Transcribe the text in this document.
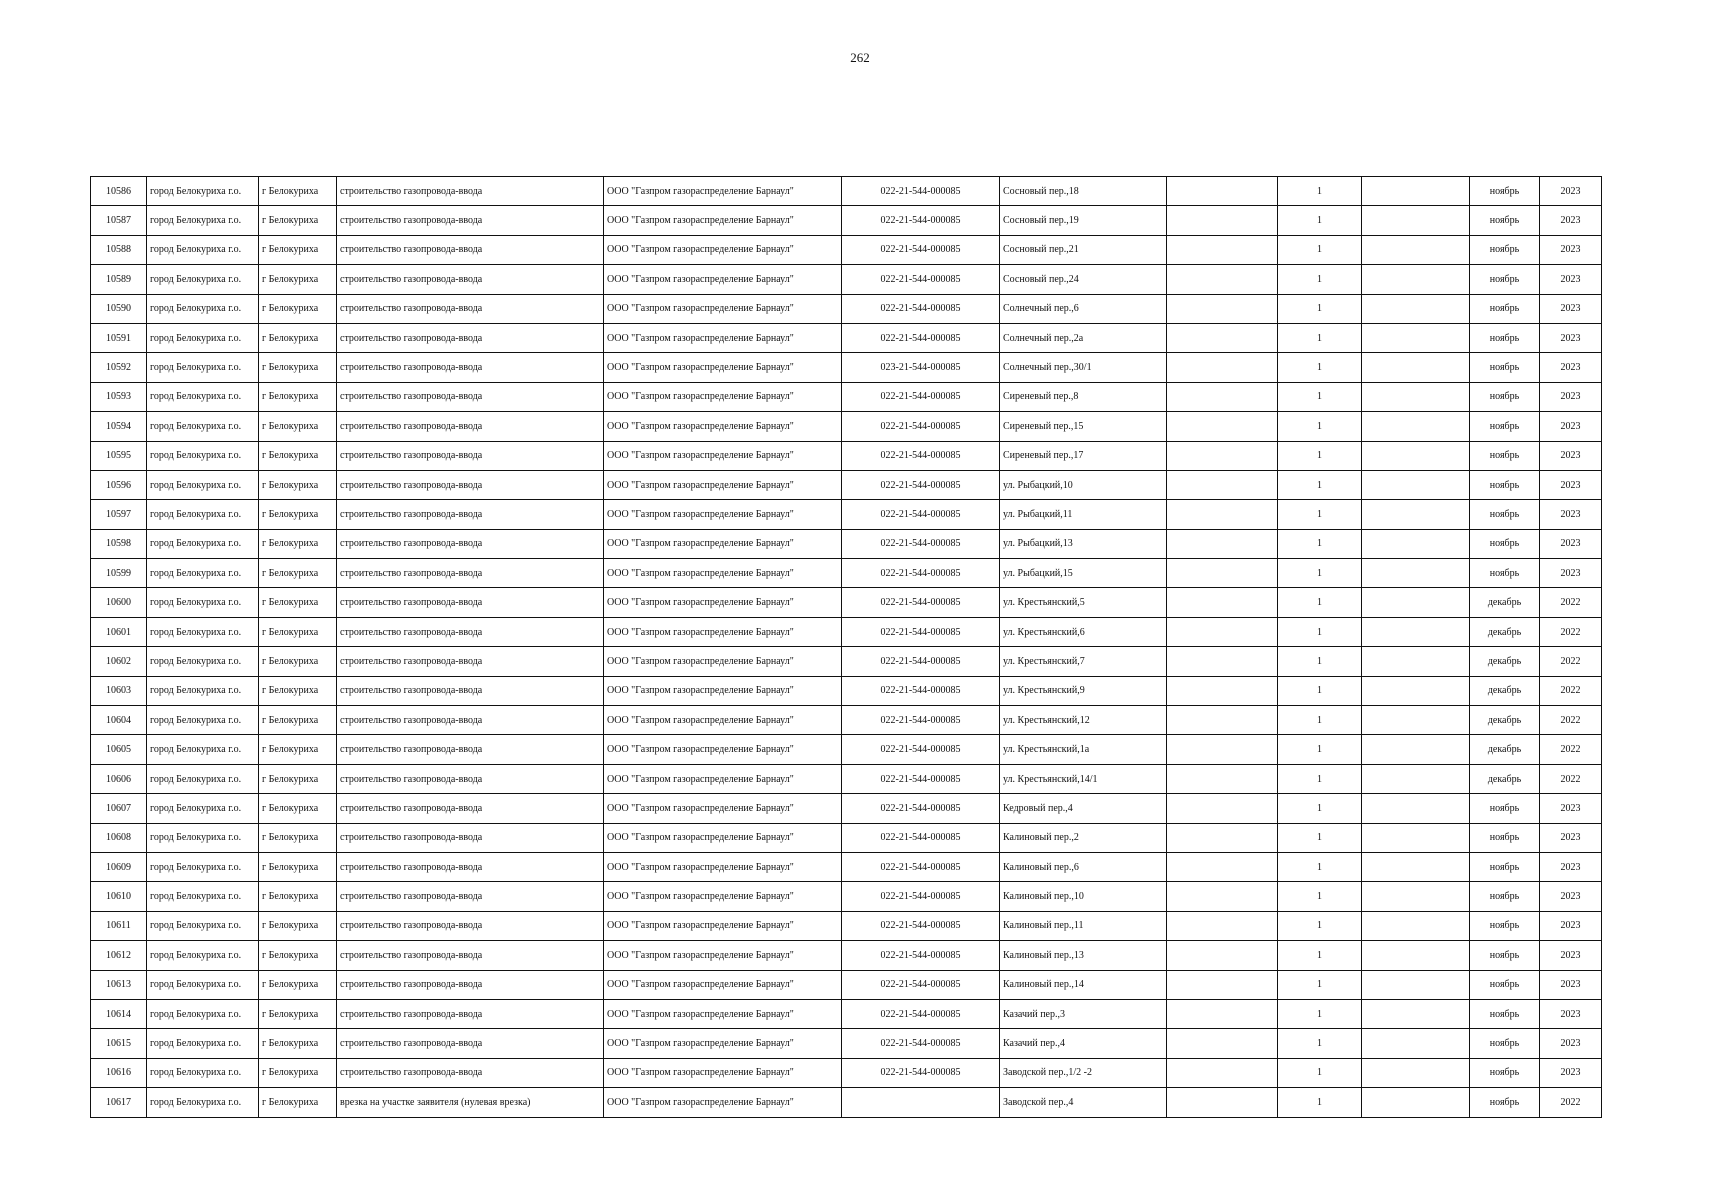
262
10586	город Белокуриха г.о.	г Белокуриха	строительство газопровода-ввода	ООО "Газпром газораспределение Барнаул"	022-21-544-000085	Сосновый пер.,18		1		ноябрь	2023
10587	город Белокуриха г.о.	г Белокуриха	строительство газопровода-ввода	ООО "Газпром газораспределение Барнаул"	022-21-544-000085	Сосновый пер.,19		1		ноябрь	2023
10588	город Белокуриха г.о.	г Белокуриха	строительство газопровода-ввода	ООО "Газпром газораспределение Барнаул"	022-21-544-000085	Сосновый пер.,21		1		ноябрь	2023
10589	город Белокуриха г.о.	г Белокуриха	строительство газопровода-ввода	ООО "Газпром газораспределение Барнаул"	022-21-544-000085	Сосновый пер.,24		1		ноябрь	2023
10590	город Белокуриха г.о.	г Белокуриха	строительство газопровода-ввода	ООО "Газпром газораспределение Барнаул"	022-21-544-000085	Солнечный пер.,6		1		ноябрь	2023
10591	город Белокуриха г.о.	г Белокуриха	строительство газопровода-ввода	ООО "Газпром газораспределение Барнаул"	022-21-544-000085	Солнечный пер.,2а		1		ноябрь	2023
10592	город Белокуриха г.о.	г Белокуриха	строительство газопровода-ввода	ООО "Газпром газораспределение Барнаул"	023-21-544-000085	Солнечный пер.,30/1		1		ноябрь	2023
10593	город Белокуриха г.о.	г Белокуриха	строительство газопровода-ввода	ООО "Газпром газораспределение Барнаул"	022-21-544-000085	Сиреневый пер.,8		1		ноябрь	2023
10594	город Белокуриха г.о.	г Белокуриха	строительство газопровода-ввода	ООО "Газпром газораспределение Барнаул"	022-21-544-000085	Сиреневый пер.,15		1		ноябрь	2023
10595	город Белокуриха г.о.	г Белокуриха	строительство газопровода-ввода	ООО "Газпром газораспределение Барнаул"	022-21-544-000085	Сиреневый пер.,17		1		ноябрь	2023
10596	город Белокуриха г.о.	г Белокуриха	строительство газопровода-ввода	ООО "Газпром газораспределение Барнаул"	022-21-544-000085	ул. Рыбацкий,10		1		ноябрь	2023
10597	город Белокуриха г.о.	г Белокуриха	строительство газопровода-ввода	ООО "Газпром газораспределение Барнаул"	022-21-544-000085	ул. Рыбацкий,11		1		ноябрь	2023
10598	город Белокуриха г.о.	г Белокуриха	строительство газопровода-ввода	ООО "Газпром газораспределение Барнаул"	022-21-544-000085	ул. Рыбацкий,13		1		ноябрь	2023
10599	город Белокуриха г.о.	г Белокуриха	строительство газопровода-ввода	ООО "Газпром газораспределение Барнаул"	022-21-544-000085	ул. Рыбацкий,15		1		ноябрь	2023
10600	город Белокуриха г.о.	г Белокуриха	строительство газопровода-ввода	ООО "Газпром газораспределение Барнаул"	022-21-544-000085	ул. Крестьянский,5		1		декабрь	2022
10601	город Белокуриха г.о.	г Белокуриха	строительство газопровода-ввода	ООО "Газпром газораспределение Барнаул"	022-21-544-000085	ул. Крестьянский,6		1		декабрь	2022
10602	город Белокуриха г.о.	г Белокуриха	строительство газопровода-ввода	ООО "Газпром газораспределение Барнаул"	022-21-544-000085	ул. Крестьянский,7		1		декабрь	2022
10603	город Белокуриха г.о.	г Белокуриха	строительство газопровода-ввода	ООО "Газпром газораспределение Барнаул"	022-21-544-000085	ул. Крестьянский,9		1		декабрь	2022
10604	город Белокуриха г.о.	г Белокуриха	строительство газопровода-ввода	ООО "Газпром газораспределение Барнаул"	022-21-544-000085	ул. Крестьянский,12		1		декабрь	2022
10605	город Белокуриха г.о.	г Белокуриха	строительство газопровода-ввода	ООО "Газпром газораспределение Барнаул"	022-21-544-000085	ул. Крестьянский,1а		1		декабрь	2022
10606	город Белокуриха г.о.	г Белокуриха	строительство газопровода-ввода	ООО "Газпром газораспределение Барнаул"	022-21-544-000085	ул. Крестьянский,14/1		1		декабрь	2022
10607	город Белокуриха г.о.	г Белокуриха	строительство газопровода-ввода	ООО "Газпром газораспределение Барнаул"	022-21-544-000085	Кедровый пер.,4		1		ноябрь	2023
10608	город Белокуриха г.о.	г Белокуриха	строительство газопровода-ввода	ООО "Газпром газораспределение Барнаул"	022-21-544-000085	Калиновый пер.,2		1		ноябрь	2023
10609	город Белокуриха г.о.	г Белокуриха	строительство газопровода-ввода	ООО "Газпром газораспределение Барнаул"	022-21-544-000085	Калиновый пер.,6		1		ноябрь	2023
10610	город Белокуриха г.о.	г Белокуриха	строительство газопровода-ввода	ООО "Газпром газораспределение Барнаул"	022-21-544-000085	Калиновый пер.,10		1		ноябрь	2023
10611	город Белокуриха г.о.	г Белокуриха	строительство газопровода-ввода	ООО "Газпром газораспределение Барнаул"	022-21-544-000085	Калиновый пер.,11		1		ноябрь	2023
10612	город Белокуриха г.о.	г Белокуриха	строительство газопровода-ввода	ООО "Газпром газораспределение Барнаул"	022-21-544-000085	Калиновый пер.,13		1		ноябрь	2023
10613	город Белокуриха г.о.	г Белокуриха	строительство газопровода-ввода	ООО "Газпром газораспределение Барнаул"	022-21-544-000085	Калиновый пер.,14		1		ноябрь	2023
10614	город Белокуриха г.о.	г Белокуриха	строительство газопровода-ввода	ООО "Газпром газораспределение Барнаул"	022-21-544-000085	Казачий пер.,3		1		ноябрь	2023
10615	город Белокуриха г.о.	г Белокуриха	строительство газопровода-ввода	ООО "Газпром газораспределение Барнаул"	022-21-544-000085	Казачий пер.,4		1		ноябрь	2023
10616	город Белокуриха г.о.	г Белокуриха	строительство газопровода-ввода	ООО "Газпром газораспределение Барнаул"	022-21-544-000085	Заводской пер.,1/2 -2		1		ноябрь	2023
10617	город Белокуриха г.о.	г Белокуриха	врезка на участке заявителя (нулевая врезка)	ООО "Газпром газораспределение Барнаул"		Заводской пер.,4		1		ноябрь	2022
